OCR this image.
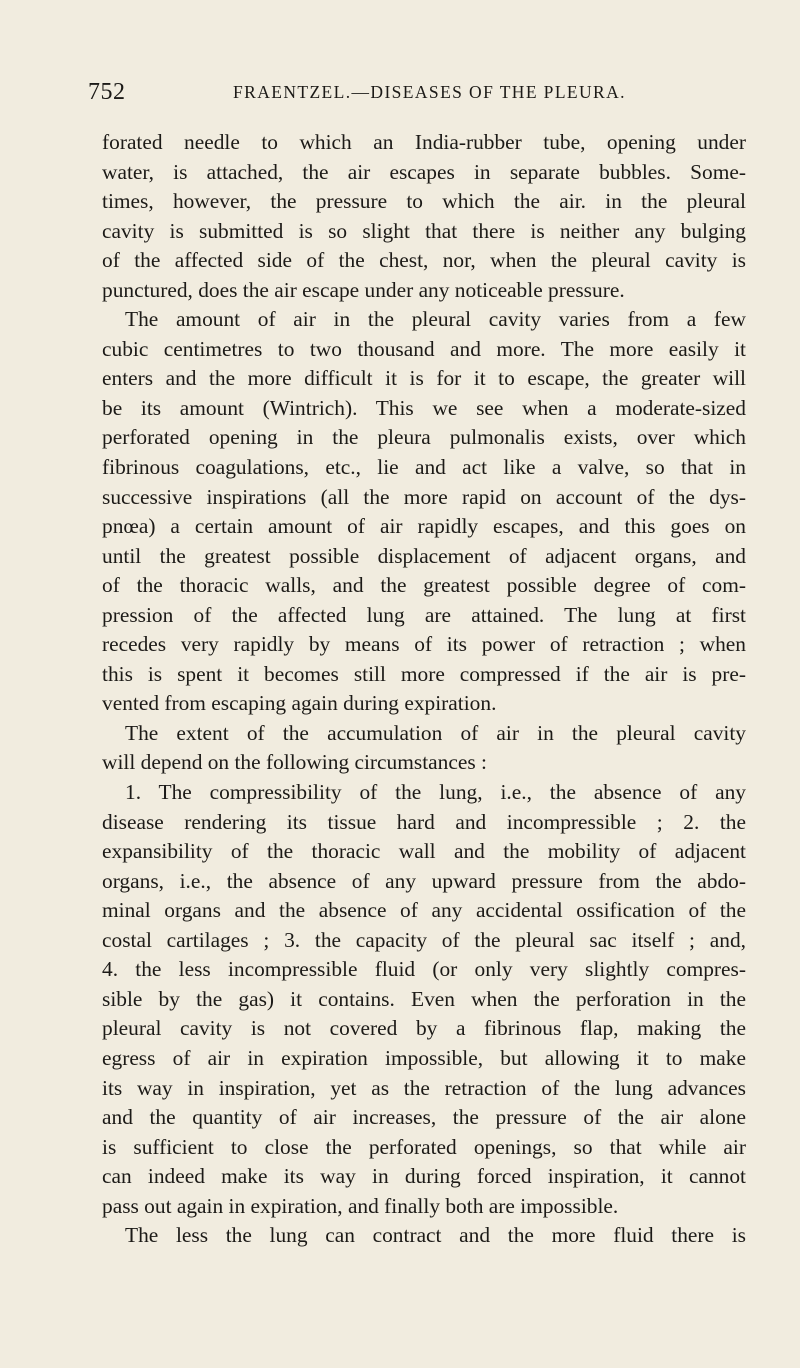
752	FRAENTZEL.—DISEASES OF THE PLEURA.
forated needle to which an India-rubber tube, opening under
water, is attached, the air escapes in separate bubbles. Some-
times, however, the pressure to which the air. in the pleural
cavity is submitted is so slight that there is neither any bulging
of the affected side of the chest, nor, when the pleural cavity is
punctured, does the air escape under any noticeable pressure.
The amount of air in the pleural cavity varies from a few
cubic centimetres to two thousand and more. The more easily it
enters and the more difficult it is for it to escape, the greater will
be its amount (Wintrich). This we see when a moderate-sized
perforated opening in the pleura pulmonalis exists, over which
fibrinous coagulations, etc., lie and act like a valve, so that in
successive inspirations (all the more rapid on account of the dys-
pnœa) a certain amount of air rapidly escapes, and this goes on
until the greatest possible displacement of adjacent organs, and
of the thoracic walls, and the greatest possible degree of com-
pression of the affected lung are attained. The lung at first
recedes very rapidly by means of its power of retraction ; when
this is spent it becomes still more compressed if the air is pre-
vented from escaping again during expiration.
The extent of the accumulation of air in the pleural cavity
will depend on the following circumstances :
1. The compressibility of the lung, i.e., the absence of any
disease rendering its tissue hard and incompressible ; 2. the
expansibility of the thoracic wall and the mobility of adjacent
organs, i.e., the absence of any upward pressure from the abdo-
minal organs and the absence of any accidental ossification of the
costal cartilages ; 3. the capacity of the pleural sac itself ; and,
4. the less incompressible fluid (or only very slightly compres-
sible by the gas) it contains. Even when the perforation in the
pleural cavity is not covered by a fibrinous flap, making the
egress of air in expiration impossible, but allowing it to make
its way in inspiration, yet as the retraction of the lung advances
and the quantity of air increases, the pressure of the air alone
is sufficient to close the perforated openings, so that while air
can indeed make its way in during forced inspiration, it cannot
pass out again in expiration, and finally both are impossible.
The less the lung can contract and the more fluid there is
